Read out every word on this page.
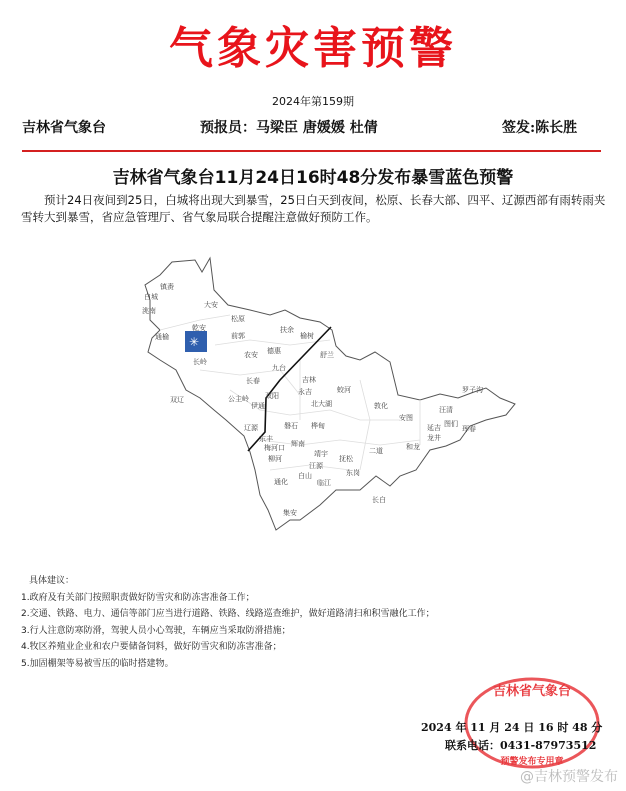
气象灾害预警
2024年第159期
吉林省气象台	预报员：马梁臣 唐媛媛 杜倩	签发:陈长胜
吉林省气象台11月24日16时48分发布暴雪蓝色预警
预计24日夜间到25日，白城将出现大到暴雪，25日白天到夜间，松原、长春大部、四平、辽源西部有雨转雨夹雪转大到暴雪，省应急管理厅、省气象局联合提醒注意做好预防工作。
✳
镇赉
白城
洮南
通榆
大安
乾安
松原
前郭
扶余
榆树
舒兰
长岭
农安 德惠
九台
长春	吉林
永吉	蛟河
双辽	公主岭 双阳
伊通
桦甸
北大湖
辽源	磐石
东丰
梅河口 辉南
柳河
靖宇
抚松
敦化
安图
汪清
图们
珲春
延吉
龙井
和龙
二道
罗子沟
通化
白山
江源
临江
东岗
长白
集安
具体建议：
1.政府及有关部门按照职责做好防雪灾和防冻害准备工作；
2.交通、铁路、电力、通信等部门应当进行道路、铁路、线路巡查维护，做好道路清扫和积雪融化工作；
3.行人注意防寒防滑，驾驶人员小心驾驶，车辆应当采取防滑措施；
4.牧区养殖业企业和农户要储备饲料，做好防雪灾和防冻害准备；
5.加固棚架等易被雪压的临时搭建物。
吉林省气象台
预警发布专用章
2024 年 11 月 24 日 16 时 48 分
联系电话：0431-87973512
@吉林预警发布
